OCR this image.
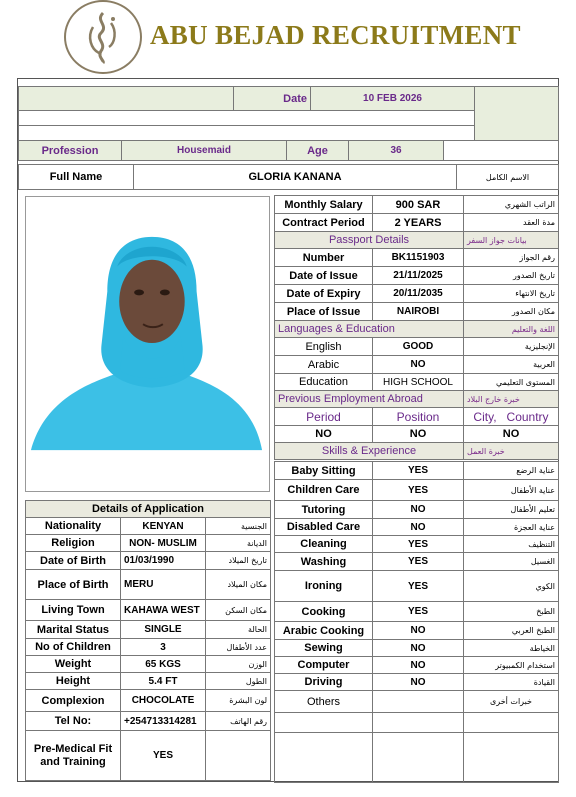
ABU BEJAD RECRUITMENT
	Date	10 FEB 2026	

Profession	Housemaid	Age	36	
Full Name	GLORIA KANANA	الاسم الكامل
Monthly Salary	900 SAR	الراتب الشهري
Contract Period	2 YEARS	مدة العقد
Passport Details		بيانات جواز السفر
Number	BK1151903	رقم الجواز
Date of Issue	21/11/2025	تاريخ الصدور
Date of Expiry	20/11/2035	تاريخ الانتهاء
Place of Issue	NAIROBI	مكان الصدور
Languages & Education		اللغة والتعليم
English	GOOD	الإنجليزية
Arabic	NO	العربية
Education	HIGH SCHOOL	المستوى التعليمي
Previous Employment Abroad		خبرة خارج البلاد
Period	Position	City,   Country
NO	NO	NO
Skills & Experience		خبرة العمل
Baby Sitting	YES	عناية الرضع
Children Care	YES	عناية الأطفال
Tutoring	NO	تعليم الأطفال
Disabled Care	NO	عناية العجزة
Cleaning	YES	التنظيف
Washing	YES	الغسيل
Ironing	YES	الكوي
Cooking	YES	الطبخ
Arabic Cooking	NO	الطبخ العربي
Sewing	NO	الخياطة
Computer	NO	استخدام الكمبيوتر
Driving	NO	القيادة
Others		خبرات أخرى

Details of Application		
Nationality	KENYAN	الجنسية
Religion	NON- MUSLIM	الديانة
Date of Birth	01/03/1990	تاريخ الميلاد
Place of Birth	MERU	مكان الميلاد
Living Town	KAHAWA WEST	مكان السكن
Marital Status	SINGLE	الحالة
No of Children	3	عدد الأطفال
Weight	65 KGS	الوزن
Height	5.4 FT	الطول
Complexion	CHOCOLATE	لون البشرة
Tel No:	+254713314281	رقم الهاتف
Pre-Medical Fit and Training	YES	
